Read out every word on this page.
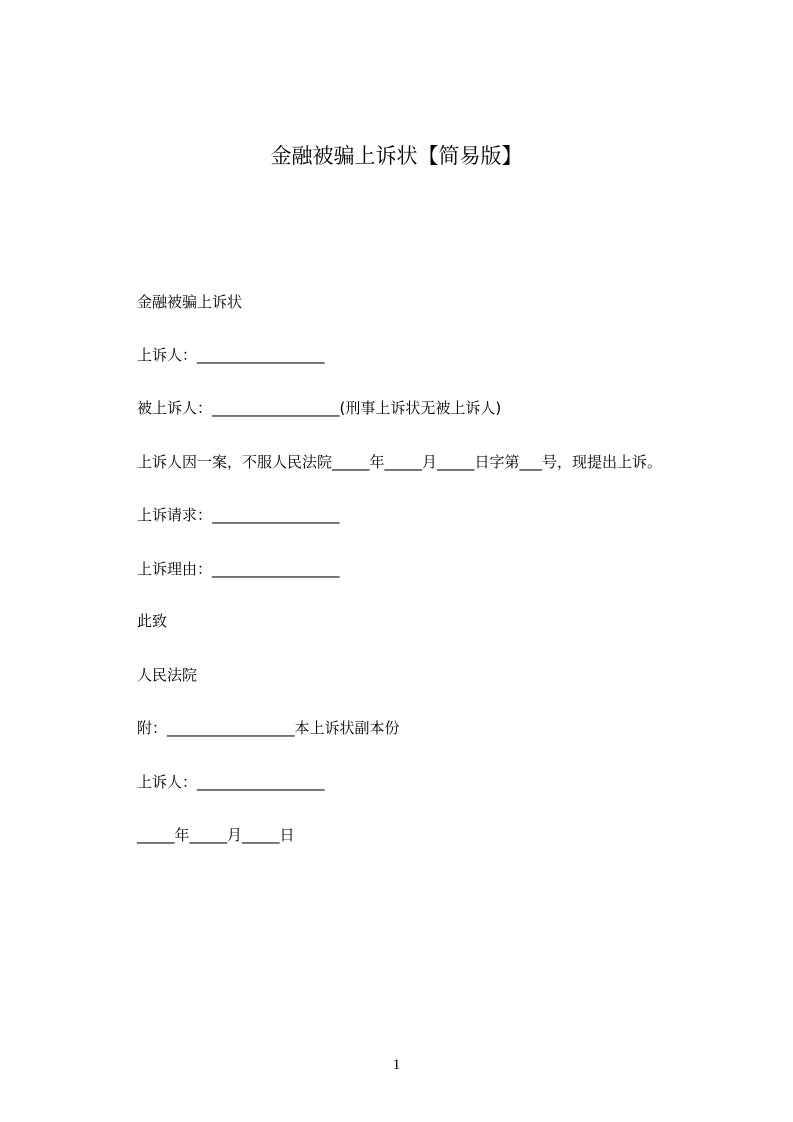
金融被骗上诉状【简易版】
金融被骗上诉状
上诉人：_________________
被上诉人：_________________(刑事上诉状无被上诉人)
上诉人因一案，不服人民法院_____年_____月_____日字第___号，现提出上诉。
上诉请求：_________________
上诉理由：_________________
此致
人民法院
附：_________________本上诉状副本份
上诉人：_________________
_____年_____月_____日
1
